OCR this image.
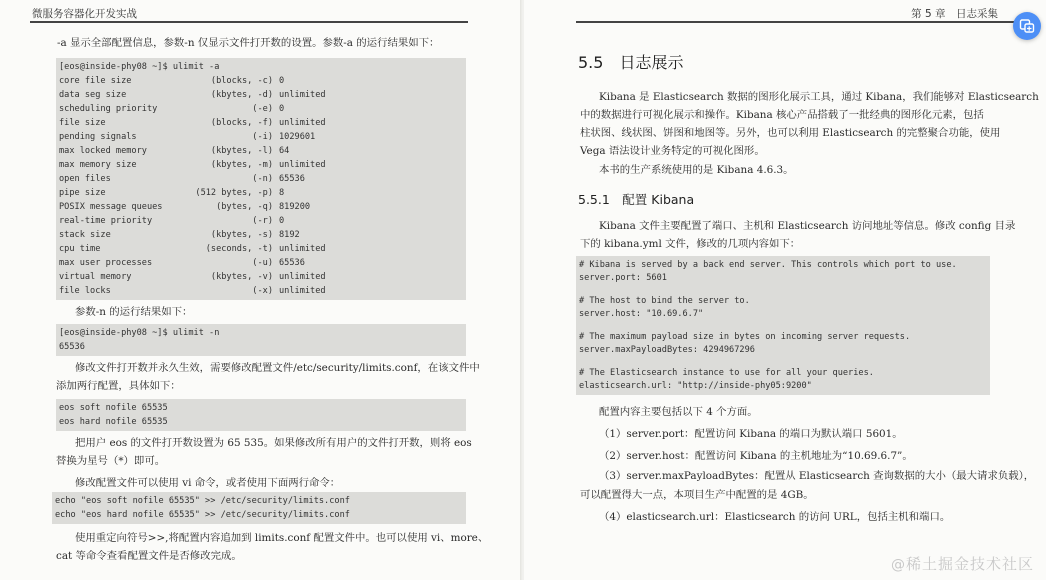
微服务容器化开发实战
-a 显示全部配置信息，参数-n 仅显示文件打开数的设置。参数-a 的运行结果如下：
[eos@inside-phy08 ~]$ ulimit -a
core file size	(blocks, -c) 0
data seg size	(kbytes, -d) unlimited
scheduling priority	(-e) 0
file size	(blocks, -f) unlimited
pending signals	(-i) 1029601
max locked memory	(kbytes, -l) 64
max memory size	(kbytes, -m) unlimited
open files	(-n) 65536
pipe size	(512 bytes, -p) 8
POSIX message queues	(bytes, -q) 819200
real-time priority	(-r) 0
stack size	(kbytes, -s) 8192
cpu time	(seconds, -t) unlimited
max user processes	(-u) 65536
virtual memory	(kbytes, -v) unlimited
file locks	(-x) unlimited
参数-n 的运行结果如下：
[eos@inside-phy08 ~]$ ulimit -n
65536
修改文件打开数并永久生效，需要修改配置文件/etc/security/limits.conf，在该文件中
添加两行配置，具体如下：
eos soft nofile 65535
eos hard nofile 65535
把用户 eos 的文件打开数设置为 65 535。如果修改所有用户的文件打开数，则将 eos
替换为星号（*）即可。
修改配置文件可以使用 vi 命令，或者使用下面两行命令：
echo "eos soft nofile 65535" >> /etc/security/limits.conf
echo "eos hard nofile 65535" >> /etc/security/limits.conf
使用重定向符号>>,将配置内容追加到 limits.conf 配置文件中。也可以使用 vi、more、
cat 等命令查看配置文件是否修改完成。
第 5 章　日志采集
5.5　日志展示
Kibana 是 Elasticsearch 数据的图形化展示工具，通过 Kibana，我们能够对 Elasticsearch
中的数据进行可视化展示和操作。Kibana 核心产品搭载了一批经典的图形化元素，包括
柱状图、线状图、饼图和地图等。另外，也可以利用 Elasticsearch 的完整聚合功能，使用
Vega 语法设计业务特定的可视化图形。
本书的生产系统使用的是 Kibana 4.6.3。
5.5.1　配置 Kibana
Kibana 文件主要配置了端口、主机和 Elasticsearch 访问地址等信息。修改 config 目录
下的 kibana.yml 文件，修改的几项内容如下：
# Kibana is served by a back end server. This controls which port to use.
server.port: 5601
# The host to bind the server to.
server.host: "10.69.6.7"
# The maximum payload size in bytes on incoming server requests.
server.maxPayloadBytes: 4294967296
# The Elasticsearch instance to use for all your queries.
elasticsearch.url: "http://inside-phy05:9200"
配置内容主要包括以下 4 个方面。
（1）server.port：配置访问 Kibana 的端口为默认端口 5601。
（2）server.host：配置访问 Kibana 的主机地址为“10.69.6.7”。
（3）server.maxPayloadBytes：配置从 Elasticsearch 查询数据的大小（最大请求负载），
可以配置得大一点，本项目生产中配置的是 4GB。
（4）elasticsearch.url：Elasticsearch 的访问 URL，包括主机和端口。
@稀土掘金技术社区
